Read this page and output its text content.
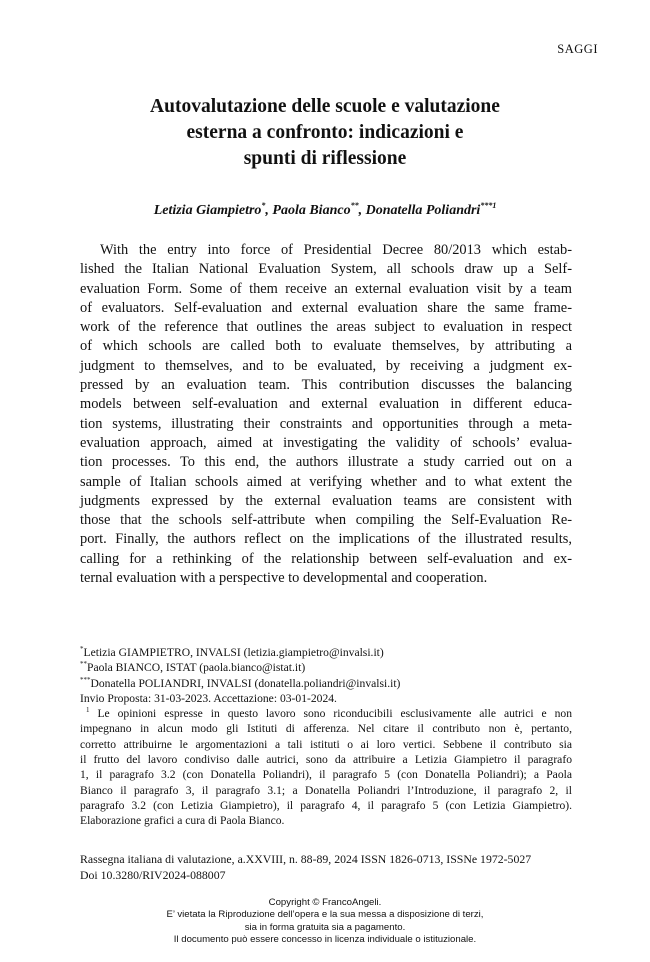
SAGGI
Autovalutazione delle scuole e valutazione
esterna a confronto: indicazioni e
spunti di riflessione
Letizia Giampietro*, Paola Bianco**, Donatella Poliandri$^{***1}$
With the entry into force of Presidential Decree 80/2013 which estab-
lished the Italian National Evaluation System, all schools draw up a Self-
evaluation Form. Some of them receive an external evaluation visit by a team
of evaluators. Self-evaluation and external evaluation share the same frame-
work of the reference that outlines the areas subject to evaluation in respect
of which schools are called both to evaluate themselves, by attributing a
judgment to themselves, and to be evaluated, by receiving a judgment ex-
pressed by an evaluation team. This contribution discusses the balancing
models between self-evaluation and external evaluation in different educa-
tion systems, illustrating their constraints and opportunities through a meta-
evaluation approach, aimed at investigating the validity of schools’ evalua-
tion processes. To this end, the authors illustrate a study carried out on a
sample of Italian schools aimed at verifying whether and to what extent the
judgments expressed by the external evaluation teams are consistent with
those that the schools self-attribute when compiling the Self-Evaluation Re-
port. Finally, the authors reflect on the implications of the illustrated results,
calling for a rethinking of the relationship between self-evaluation and ex-
ternal evaluation with a perspective to developmental and cooperation.
*Letizia GIAMPIETRO, INVALSI (letizia.giampietro@invalsi.it)
**Paola BIANCO, ISTAT (paola.bianco@istat.it)
***Donatella POLIANDRI, INVALSI (donatella.poliandri@invalsi.it)
Invio Proposta: 31-03-2023. Accettazione: 03-01-2024.
$^1$ Le opinioni espresse in questo lavoro sono riconducibili esclusivamente alle autrici e non
impegnano in alcun modo gli Istituti di afferenza. Nel citare il contributo non è, pertanto,
corretto attribuirne le argomentazioni a tali istituti o ai loro vertici. Sebbene il contributo sia
il frutto del lavoro condiviso dalle autrici, sono da attribuire a Letizia Giampietro il paragrafo
1, il paragrafo 3.2 (con Donatella Poliandri), il paragrafo 5 (con Donatella Poliandri); a Paola
Bianco il paragrafo 3, il paragrafo 3.1; a Donatella Poliandri l’Introduzione, il paragrafo 2, il
paragrafo 3.2 (con Letizia Giampietro), il paragrafo 4, il paragrafo 5 (con Letizia Giampietro).
Elaborazione grafici a cura di Paola Bianco.
Rassegna italiana di valutazione, a.XXVIII, n. 88-89, 2024 ISSN 1826-0713, ISSNe 1972-5027
Doi 10.3280/RIV2024-088007
Copyright © FrancoAngeli.
E’ vietata la Riproduzione dell’opera e la sua messa a disposizione di terzi,
sia in forma gratuita sia a pagamento.
Il documento può essere concesso in licenza individuale o istituzionale.
